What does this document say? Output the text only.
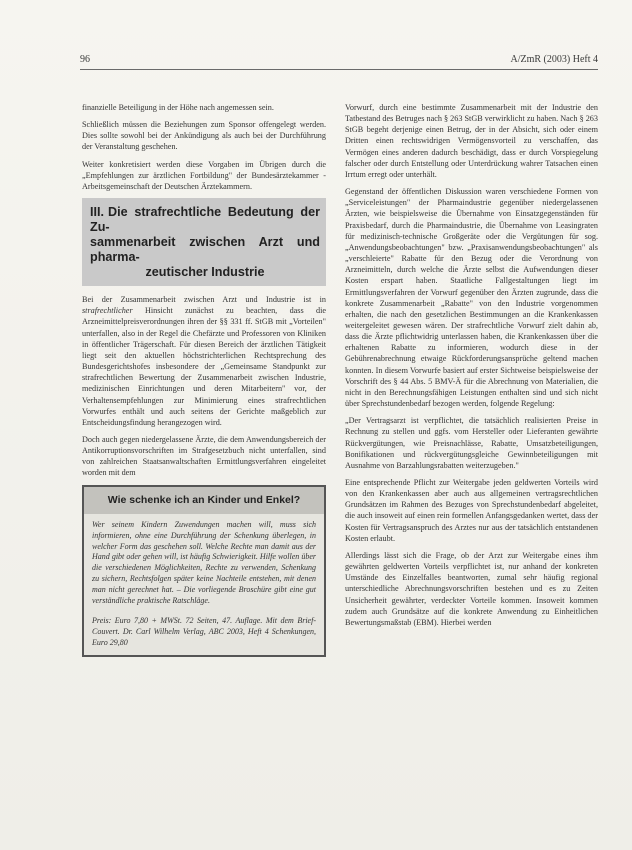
96	A/ZmR (2003) Heft 4

finanzielle Beteiligung in der Höhe nach angemessen sein.

Schließlich müssen die Beziehungen zum Sponsor offengelegt werden. Dies sollte sowohl bei der Ankündigung als auch bei der Durchführung der Veranstaltung geschehen.

Weiter konkretisiert werden diese Vorgaben im Übrigen durch die „Empfehlungen zur ärztlichen Fortbildung" der Bundesärztekammer - Arbeitsgemeinschaft der Deutschen Ärztekammern.

III. Die strafrechtliche Bedeutung der Zu-
sammenarbeit zwischen Arzt und pharma-

zeutischer Industrie

Bei der Zusammenarbeit zwischen Arzt und Industrie ist in strafrechtlicher Hinsicht zunächst zu beachten, dass die Arzneimittelpreisverordnungen ihren der §§ 331 ff. StGB mit „Vorteilen" unterfallen, also in der Regel die Chefärzte und Professoren von Kliniken in öffentlicher Trägerschaft. Für diesen Bereich der ärztlichen Tätigkeit liegt seit den aktuellen höchstrichterlichen Rechtsprechung des Bundesgerichtshofes insbesondere der „Gemeinsame Standpunkt zur strafrechtlichen Bewertung der Zusammenarbeit zwischen Industrie, medizinischen Einrichtungen und deren Mitarbeitern" vor, der Verhaltensempfehlungen zur Minimierung eines strafrechtlichen Vorwurfes enthält und auch seitens der Gerichte maßgeblich zur Entscheidungsfindung herangezogen wird.

Doch auch gegen niedergelassene Ärzte, die dem Anwendungsbereich der Antikorruptionsvorschriften im Strafgesetzbuch nicht unterfallen, sind von zahlreichen Staatsanwaltschaften Ermittlungsverfahren eingeleitet worden mit dem

Wie schenke ich an Kinder und Enkel?

Wer seinem Kindern Zuwendungen machen will, muss sich informieren, ohne eine Durchführung der Schenkung überlegen, in welcher Form das geschehen soll. Welche Rechte man damit aus der Hand gibt oder gehen will, ist häufig Schwierigkeit. Hilfe wollen über die verschiedenen Möglichkeiten, Rechte zu verwenden, Schenkung zu sichern, Rechtsfolgen später keine Nachteile entstehen, mit denen man nicht gerechnet hat. – Die vorliegende Broschüre gibt eine gut verständliche praktische Ratschläge.

Preis: Euro 7,80 + MWSt. 72 Seiten, 47. Auflage. Mit dem Brief-Couvert. Dr. Carl Wilhelm Verlag, ABC 2003, Heft 4 Schenkungen, Euro 29,80

Vorwurf, durch eine bestimmte Zusammenarbeit mit der Industrie den Tatbestand des Betruges nach § 263 StGB verwirklicht zu haben. Nach § 263 StGB begeht derjenige einen Betrug, der in der Absicht, sich oder einem Dritten einen rechtswidrigen Vermögensvorteil zu verschaffen, das Vermögen eines anderen dadurch beschädigt, dass er durch Vorspiegelung falscher oder durch Entstellung oder Unterdrückung wahrer Tatsachen einen Irrtum erregt oder unterhält.

Gegenstand der öffentlichen Diskussion waren verschiedene Formen von „Serviceleistungen" der Pharmaindustrie gegenüber niedergelassenen Ärzten, wie beispielsweise die Übernahme von Einsatzgegenständen für Praxisbedarf, durch die Pharmaindustrie, die Übernahme von Leasingraten für medizinisch-technische Großgeräte oder die Vergütungen für sog. „Anwendungsbeobachtungen" bzw. „Praxisanwendungsbeobachtungen" als „verschleierte" Rabatte für den Bezug oder die Verordnung von Arzneimitteln, durch welche die Ärzte selbst die Aufwendungen dieser Kosten erspart haben. Staatliche Fallgestaltungen liegt im Ermittlungsverfahren der Vorwurf gegenüber den Ärzten zugrunde, dass die konkrete Zusammenarbeit „Rabatte" von den Industrie vorgenommen erhalten, die nach den gesetzlichen Bestimmungen an die Krankenkassen weitergeleitet gewesen wären. Der strafrechtliche Vorwurf zielt dahin ab, dass die Ärzte pflichtwidrig unterlassen haben, die Krankenkassen über die erhaltenen Rabatte zu informieren, wodurch diese in der Gebührenabrechnung etwaige Rückforderungsansprüche geltend machen konnten. In diesem Vorwurfe basiert auf erster Sichtweise beispielsweise der Vorschrift des § 44 Abs. 5 BMV-Ä für die Abrechnung von Materialien, die nicht in den Berechnungsfähigen Leistungen enthalten sind und sich nicht über Sprechstundenbedarf bezogen werden, folgende Regelung:

„Der Vertragsarzt ist verpflichtet, die tatsächlich realisierten Preise in Rechnung zu stellen und ggfs. vom Hersteller oder Lieferanten gewährte Rückvergütungen, wie Preisnachlässe, Rabatte, Umsatzbeteiligungen, Bonifikationen und rückvergütungsgleiche Gewinnbeteiligungen mit Ausnahme von Barzahlungsrabatten weiterzugeben."

Eine entsprechende Pflicht zur Weitergabe jeden geldwerten Vorteils wird von den Krankenkassen aber auch aus allgemeinen vertragsrechtlichen Grundsätzen im Rahmen des Bezuges von Sprechstundenbedarf abgeleitet, die auch insoweit auf einen rein formellen Anfangsgedanken wertet, dass der Kosten für Vertragsanspruch des Arztes nur aus der tatsächlich entstandenen Kosten erlaubt.

Allerdings lässt sich die Frage, ob der Arzt zur Weitergabe eines ihm gewährten geldwerten Vorteils verpflichtet ist, nur anhand der konkreten Umstände des Einzelfalles beantworten, zumal sehr häufig regional unterschiedliche Abrechnungsvorschriften bestehen und es zu Zeiten Unsicherheit gewährter, verdeckter Vorteile kommen. Insoweit kommen zudem auch Grundsätze auf die konkrete Anwendung zu Einheitlichen Bewertungsmaßstab (EBM). Hierbei werden
